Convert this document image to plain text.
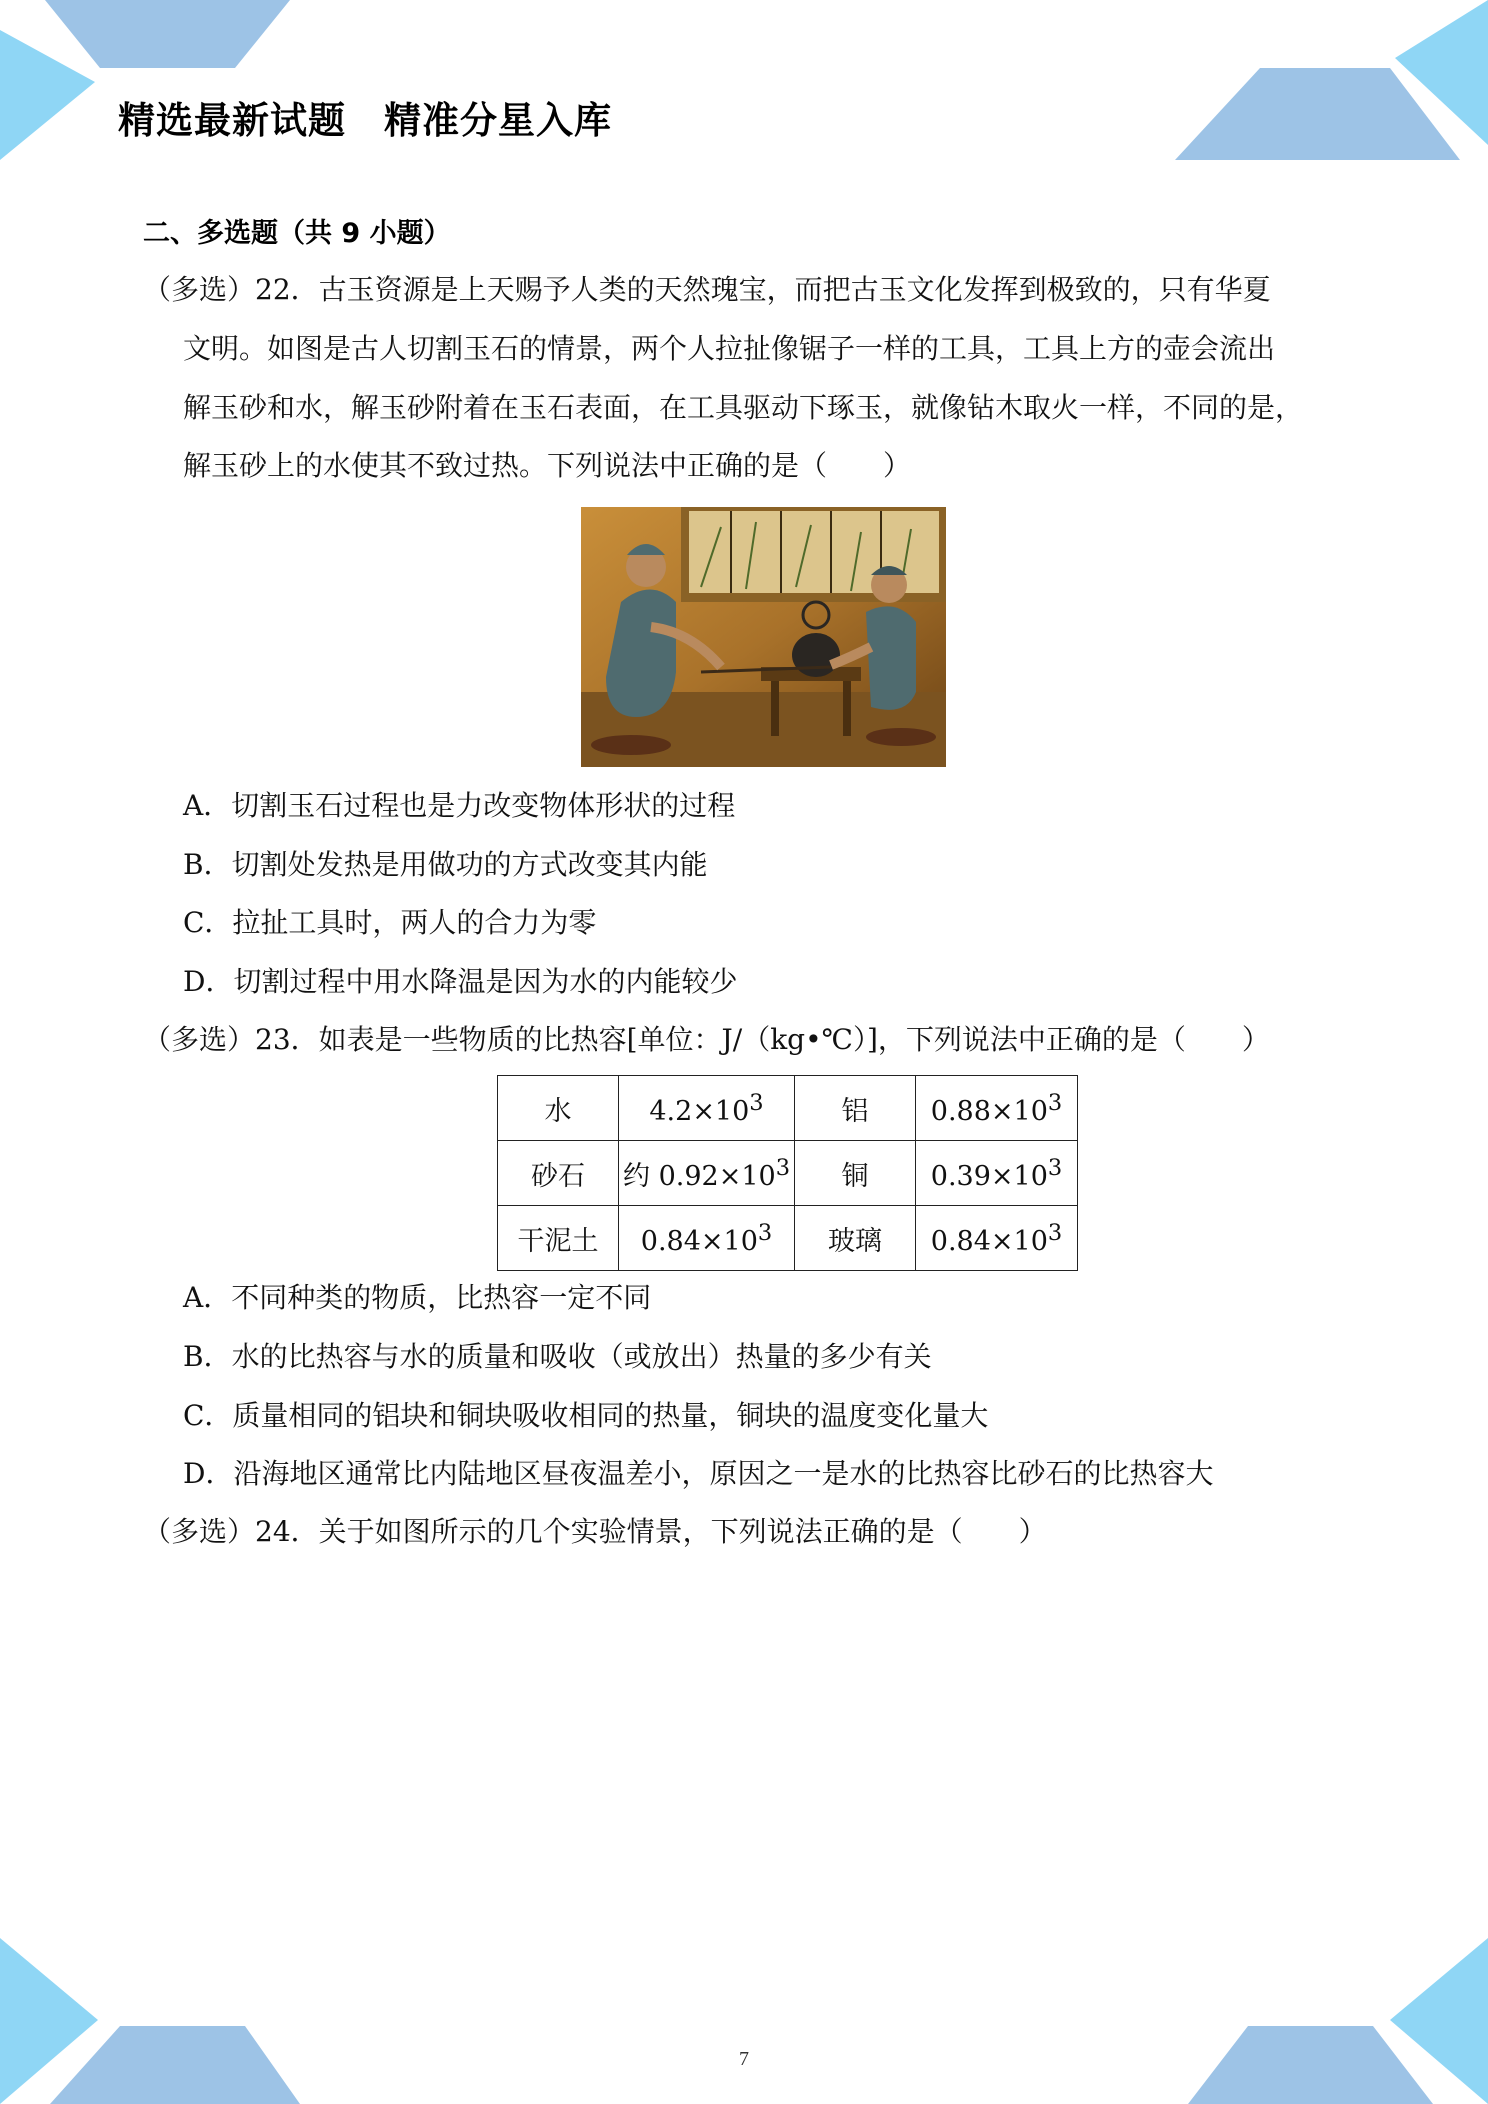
精选最新试题　精准分星入库
二、多选题（共 9 小题）
（多选）22．古玉资源是上天赐予人类的天然瑰宝，而把古玉文化发挥到极致的，只有华夏
文明。如图是古人切割玉石的情景，两个人拉扯像锯子一样的工具，工具上方的壶会流出
解玉砂和水，解玉砂附着在玉石表面，在工具驱动下琢玉，就像钻木取火一样，不同的是，
解玉砂上的水使其不致过热。下列说法中正确的是（　　）
A．切割玉石过程也是力改变物体形状的过程
B．切割处发热是用做功的方式改变其内能
C．拉扯工具时，两人的合力为零
D．切割过程中用水降温是因为水的内能较少
（多选）23．如表是一些物质的比热容[单位：J/（kg•℃）]，下列说法中正确的是（　　）
水	$4.2\times 10^3$	铝	$0.88\times 10^3$
砂石	约 $0.92\times 10^3$	铜	$0.39\times 10^3$
干泥土	$0.84\times 10^3$	玻璃	$0.84\times 10^3$
A．不同种类的物质，比热容一定不同
B．水的比热容与水的质量和吸收（或放出）热量的多少有关
C．质量相同的铝块和铜块吸收相同的热量，铜块的温度变化量大
D．沿海地区通常比内陆地区昼夜温差小，原因之一是水的比热容比砂石的比热容大
（多选）24．关于如图所示的几个实验情景，下列说法正确的是（　　）
7
